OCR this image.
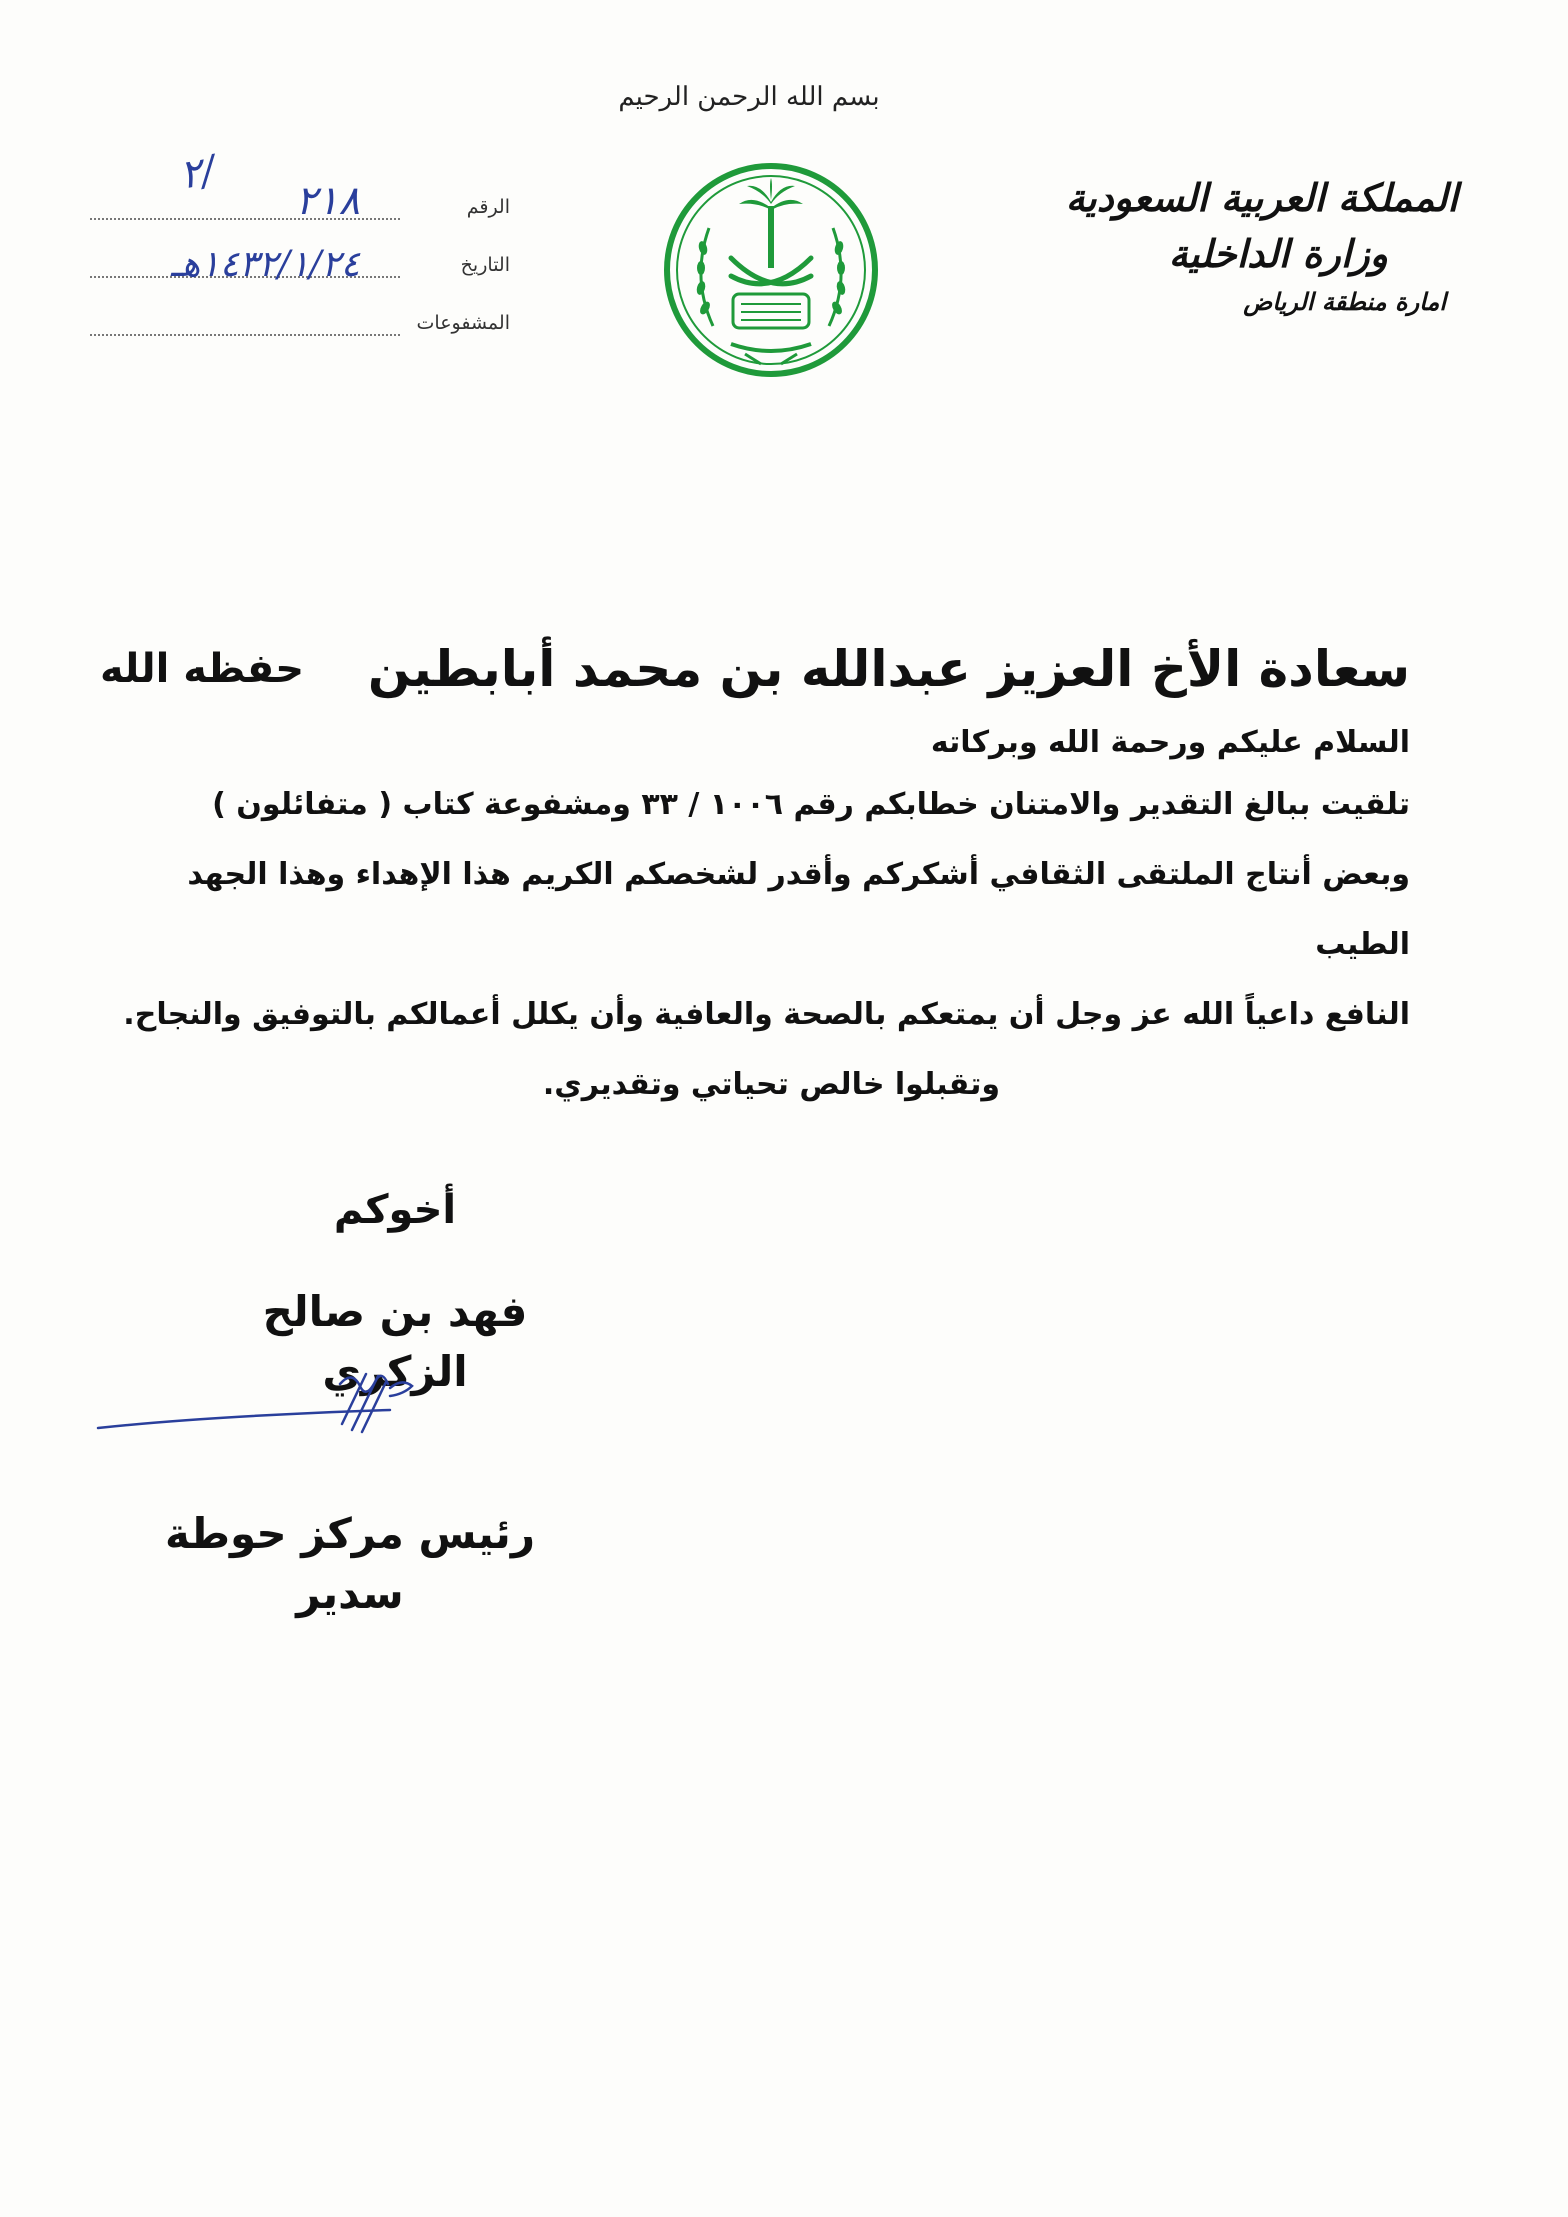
بسم الله الرحمن الرحيم
المملكة العربية السعودية
وزارة الداخلية
امارة منطقة الرياض
الرقم
٢١٨
التاريخ
١٤٣٢/١/٢٤هـ
المشفوعات
٢/
سعادة الأخ العزيز عبدالله بن محمد أبابطين
حفظه الله
السلام عليكم ورحمة الله وبركاته
تلقيت ببالغ التقدير والامتنان خطابكم رقم ١٠٠٦ / ٣٣ ومشفوعة كتاب ( متفائلون )
وبعض أنتاج الملتقى الثقافي أشكركم وأقدر لشخصكم الكريم هذا الإهداء وهذا الجهد الطيب
النافع داعياً الله عز وجل أن يمتعكم بالصحة والعافية وأن يكلل أعمالكم بالتوفيق والنجاح.
وتقبلوا خالص تحياتي وتقديري.
أخوكم
فهد بن صالح الزكري
رئيس مركز حوطة سدير
